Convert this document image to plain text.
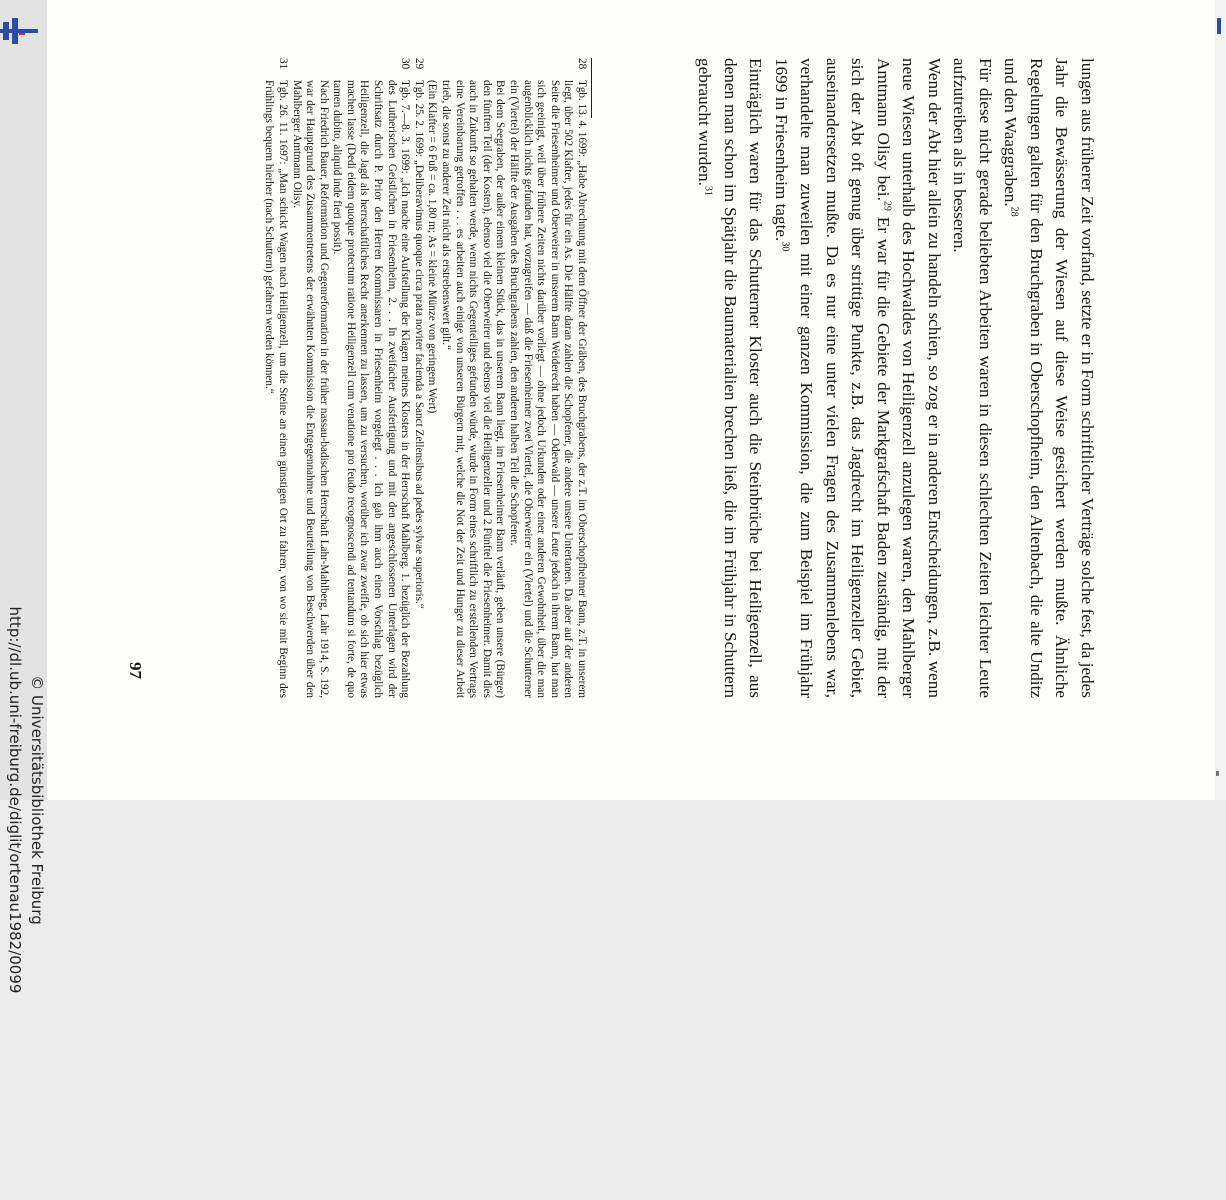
http://dl.ub.uni-freiburg.de/diglit/ortenau1982/0099 © Universitätsbibliothek Freiburg

lungen aus früherer Zeit vorfand, setzte er in Form schriftlicher Verträge solche fest, da jedes Jahr die Bewässerung der Wiesen auf diese Weise gesichert werden mußte. Ähnliche Regelungen galten für den Bruchgraben in Oberschopfheim, den Altenbach, die alte Unditz und den Waaggraben.$^{28}$

Für diese nicht gerade beliebten Arbeiten waren in diesen schlechten Zeiten leichter Leute aufzutreiben als in besseren.

Wenn der Abt hier allein zu handeln schien, so zog er in anderen Entscheidungen, z.B. wenn neue Wiesen unterhalb des Hochwaldes von Heiligenzell anzulegen waren, den Mahlberger Amtmann Olisy bei.$^{29}$ Er war für die Gebiete der Markgrafschaft Baden zuständig, mit der sich der Abt oft genug über strittige Punkte, z.B. das Jagdrecht im Heiligenzeller Gebiet, auseinandersetzen mußte. Da es nur eine unter vielen Fragen des Zusammenlebens war, verhandelte man zuweilen mit einer ganzen Kommission, die zum Beispiel im Frühjahr 1699 in Friesenheim tagte.$^{30}$

Einträglich waren für das Schutterner Kloster auch die Steinbrüche bei Heiligenzell, aus denen man schon im Spätjahr die Baumaterialien brechen ließ, die im Frühjahr in Schuttern gebraucht wurden.$^{31}$

28

Tgb. 13. 4. 1699: „Habe Abrechnung mit dem Öffner der Gräben, des Bruchgrabens, der z.T. im Oberschopfheimer Bann, z.T. in unserem liegt, über 502 Klafter, jedes für ein As. Die Hälfte daran zahlen die Schopfener, die andere unsere Untertanen. Da aber auf der anderen Seite die Friesenheimer und Oberweirer in unserem Bann Weiderecht haben — Oderwald — unsere Leute jedoch in ihrem Bann, hat man sich geeinigt, weil über frühere Zeiten nichts darüber vorliegt — ohne jedoch Urkunden oder einer anderen Gewohnheit, über die man augenblicklich nichts gefunden hat, vorzugreifen — daß die Friesenheimer zwei Viertel, die Oberweirer ein (Viertel) und die Schutterner ein (Viertel) der Hälfte der Ausgaben des Bruchgrabens zahlen, den anderen halben Teil die Schopfener.

Bei dem Seegraben, der außer einem kleinen Stück, das in unserem Bann liegt, im Friesenheimer Bann verläuft, geben unsere (Bürger) den fünften Teil (der Kosten), ebenso viel die Oberweirer und ebenso viel die Heiligenzeller und 2 Fünftel die Friesenheimer. Damit dies auch in Zukunft so gehalten werde, wenn nichts Gegenteiliges gefunden würde, wurde in Form eines schriftlich zu erstellenden Vertrags eine Vereinbarung getroffen . . . es arbeiten auch einige von unseren Bürgern mit, welche die Not der Zeit und Hunger zu dieser Arbeit trieb, die sonst zu anderer Zeit nicht als erstrebenswert gilt.“

(Ein Klafter = 6 Fuß = ca. 1,80 m; As = kleine Münze von geringem Wert)

29

Tgb. 25. 2. 1699: „Deliberavimus quoque circa prata noviter facienda a Sanct Zellensibus ad pedes sylvae superioris.“

30

Tgb. 7.—8. 3. 1699: „Ich mache eine Aufstellung der Klagen meines Klosters in der Herrschaft Mahlberg. 1. bezüglich der Bezahlung des Lutherischen Geistlichen in Friesenheim, 2. . . In zweifacher Ausfertigung und mit den angeschlossenen Unterlagen wird der Schriftsatz durch P. Prior den Herren Kommissaren in Friesenheim vorgelegt . . . Ich gab ihm auch einen Vorschlag bezüglich Heiligenzell, die Jagd als herrschaftliches Recht anerkennen zu lassen, um zu versuchen, worüber ich zwar zweifle, ob sich hier etwas machen lasse (Dedi eidem quoque protectum ratione Heiligenzell cum venatione pro feudo recognoscendi ad tentandum si forte, de quo tamen dubito, aliquid inde fieri possit).

Nach Friedrich Bauer, Reformation und Gegenreformation in der früher nassau-badischen Herrschaft Lahr-Mahlberg, Lahr 1914, S. 192, war der Hauptgrund des Zusammentretens der erwähnten Kommission die Entgegennahme und Beurteilung von Beschwerden über den Mahlberger Amtmann Olisy.

31

Tgb. 26. 11. 1697: „Man schickt Wagen nach Heiligenzell, um die Steine an einen günstigen Ort zu fahren, von wo sie mit Beginn des Frühlings bequem hierher (nach Schuttern) gefahren werden können.“

97
